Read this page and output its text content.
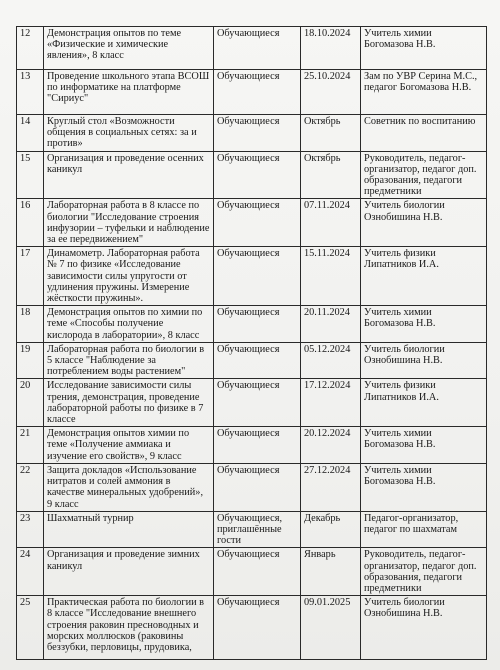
12	Демонстрация опытов по теме «Физические и химические явления», 8 класс	Обучающиеся	18.10.2024	Учитель химии Богомазова Н.В.
13	Проведение школьного этапа ВСОШ по информатике на платформе "Сириус"	Обучающиеся	25.10.2024	Зам по УВР Серина М.С., педагог Богомазова Н.В.
14	Круглый стол «Возможности общения в социальных сетях: за и против»	Обучающиеся	Октябрь	Советник по воспитанию
15	Организация и проведение осенних каникул	Обучающиеся	Октябрь	Руководитель, педагог-организатор, педагог доп. образования, педагоги предметники
16	Лабораторная работа в 8 классе по биологии "Исследование строения инфузории – туфельки и наблюдение за ее передвижением"	Обучающиеся	07.11.2024	Учитель биологии Ознобишина Н.В.
17	Динамометр. Лабораторная работа № 7 по физике «Исследование зависимости силы упругости от удлинения пружины. Измерение жёсткости пружины».	Обучающиеся	15.11.2024	Учитель физики Липатников И.А.
18	Демонстрация опытов по химии по теме «Способы получение кислорода в лаборатории», 8 класс	Обучающиеся	20.11.2024	Учитель химии Богомазова Н.В.
19	Лабораторная работа по биологии в 5 классе "Наблюдение за потреблением воды растением"	Обучающиеся	05.12.2024	Учитель биологии Ознобишина Н.В.
20	Исследование зависимости силы трения, демонстрация, проведение лабораторной работы по физике в 7 классе	Обучающиеся	17.12.2024	Учитель физики Липатников И.А.
21	Демонстрация опытов химии по теме «Получение аммиака и изучение его свойств», 9 класс	Обучающиеся	20.12.2024	Учитель химии Богомазова Н.В.
22	Защита докладов «Использование нитратов и солей аммония в качестве минеральных удобрений», 9 класс	Обучающиеся	27.12.2024	Учитель химии Богомазова Н.В.
23	Шахматный турнир	Обучающиеся, приглашённые гости	Декабрь	Педагог-организатор, педагог по шахматам
24	Организация и проведение зимних каникул	Обучающиеся	Январь	Руководитель, педагог-организатор, педагог доп. образования, педагоги предметники
25	Практическая работа по биологии в 8 классе "Исследование внешнего строения раковин пресноводных и морских моллюсков (раковины беззубки, перловицы, прудовика,	Обучающиеся	09.01.2025	Учитель биологии Ознобишина Н.В.
